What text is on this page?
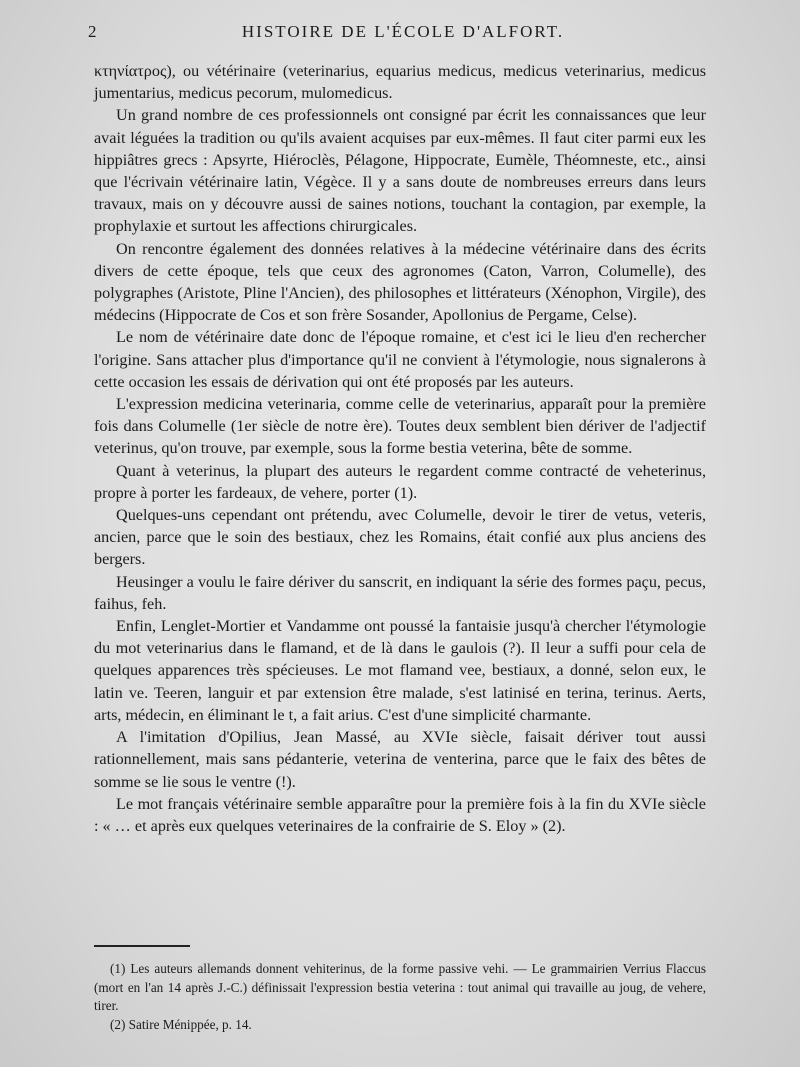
2	HISTOIRE DE L'ÉCOLE D'ALFORT.

κτηνίατρος), ou vétérinaire (veterinarius, equarius medicus, medicus veterinarius, medicus jumentarius, medicus pecorum, mulomedicus.

Un grand nombre de ces professionnels ont consigné par écrit les connaissances que leur avait léguées la tradition ou qu'ils avaient acquises par eux-mêmes. Il faut citer parmi eux les hippiâtres grecs : Apsyrte, Hiéroclès, Pélagone, Hippocrate, Eumèle, Théomneste, etc., ainsi que l'écrivain vétérinaire latin, Végèce. Il y a sans doute de nombreuses erreurs dans leurs travaux, mais on y découvre aussi de saines notions, touchant la contagion, par exemple, la prophylaxie et surtout les affections chirurgicales.

On rencontre également des données relatives à la médecine vétérinaire dans des écrits divers de cette époque, tels que ceux des agronomes (Caton, Varron, Columelle), des polygraphes (Aristote, Pline l'Ancien), des philosophes et littérateurs (Xénophon, Virgile), des médecins (Hippocrate de Cos et son frère Sosander, Apollonius de Pergame, Celse).

Le nom de vétérinaire date donc de l'époque romaine, et c'est ici le lieu d'en rechercher l'origine. Sans attacher plus d'importance qu'il ne convient à l'étymologie, nous signalerons à cette occasion les essais de dérivation qui ont été proposés par les auteurs.

L'expression medicina veterinaria, comme celle de veterinarius, apparaît pour la première fois dans Columelle (1er siècle de notre ère). Toutes deux semblent bien dériver de l'adjectif veterinus, qu'on trouve, par exemple, sous la forme bestia veterina, bête de somme.

Quant à veterinus, la plupart des auteurs le regardent comme contracté de veheterinus, propre à porter les fardeaux, de vehere, porter (1).

Quelques-uns cependant ont prétendu, avec Columelle, devoir le tirer de vetus, veteris, ancien, parce que le soin des bestiaux, chez les Romains, était confié aux plus anciens des bergers.

Heusinger a voulu le faire dériver du sanscrit, en indiquant la série des formes paçu, pecus, faihus, feh.

Enfin, Lenglet-Mortier et Vandamme ont poussé la fantaisie jusqu'à chercher l'étymologie du mot veterinarius dans le flamand, et de là dans le gaulois (?). Il leur a suffi pour cela de quelques apparences très spécieuses. Le mot flamand vee, bestiaux, a donné, selon eux, le latin ve. Teeren, languir et par extension être malade, s'est latinisé en terina, terinus. Aerts, arts, médecin, en éliminant le t, a fait arius. C'est d'une simplicité charmante.

A l'imitation d'Opilius, Jean Massé, au XVIe siècle, faisait dériver tout aussi rationnellement, mais sans pédanterie, veterina de venterina, parce que le faix des bêtes de somme se lie sous le ventre (!).

Le mot français vétérinaire semble apparaître pour la première fois à la fin du XVIe siècle : « … et après eux quelques veterinaires de la confrairie de S. Eloy » (2).

(1) Les auteurs allemands donnent vehiterinus, de la forme passive vehi. — Le grammairien Verrius Flaccus (mort en l'an 14 après J.-C.) définissait l'expression bestia veterina : tout animal qui travaille au joug, de vehere, tirer.

(2) Satire Ménippée, p. 14.
